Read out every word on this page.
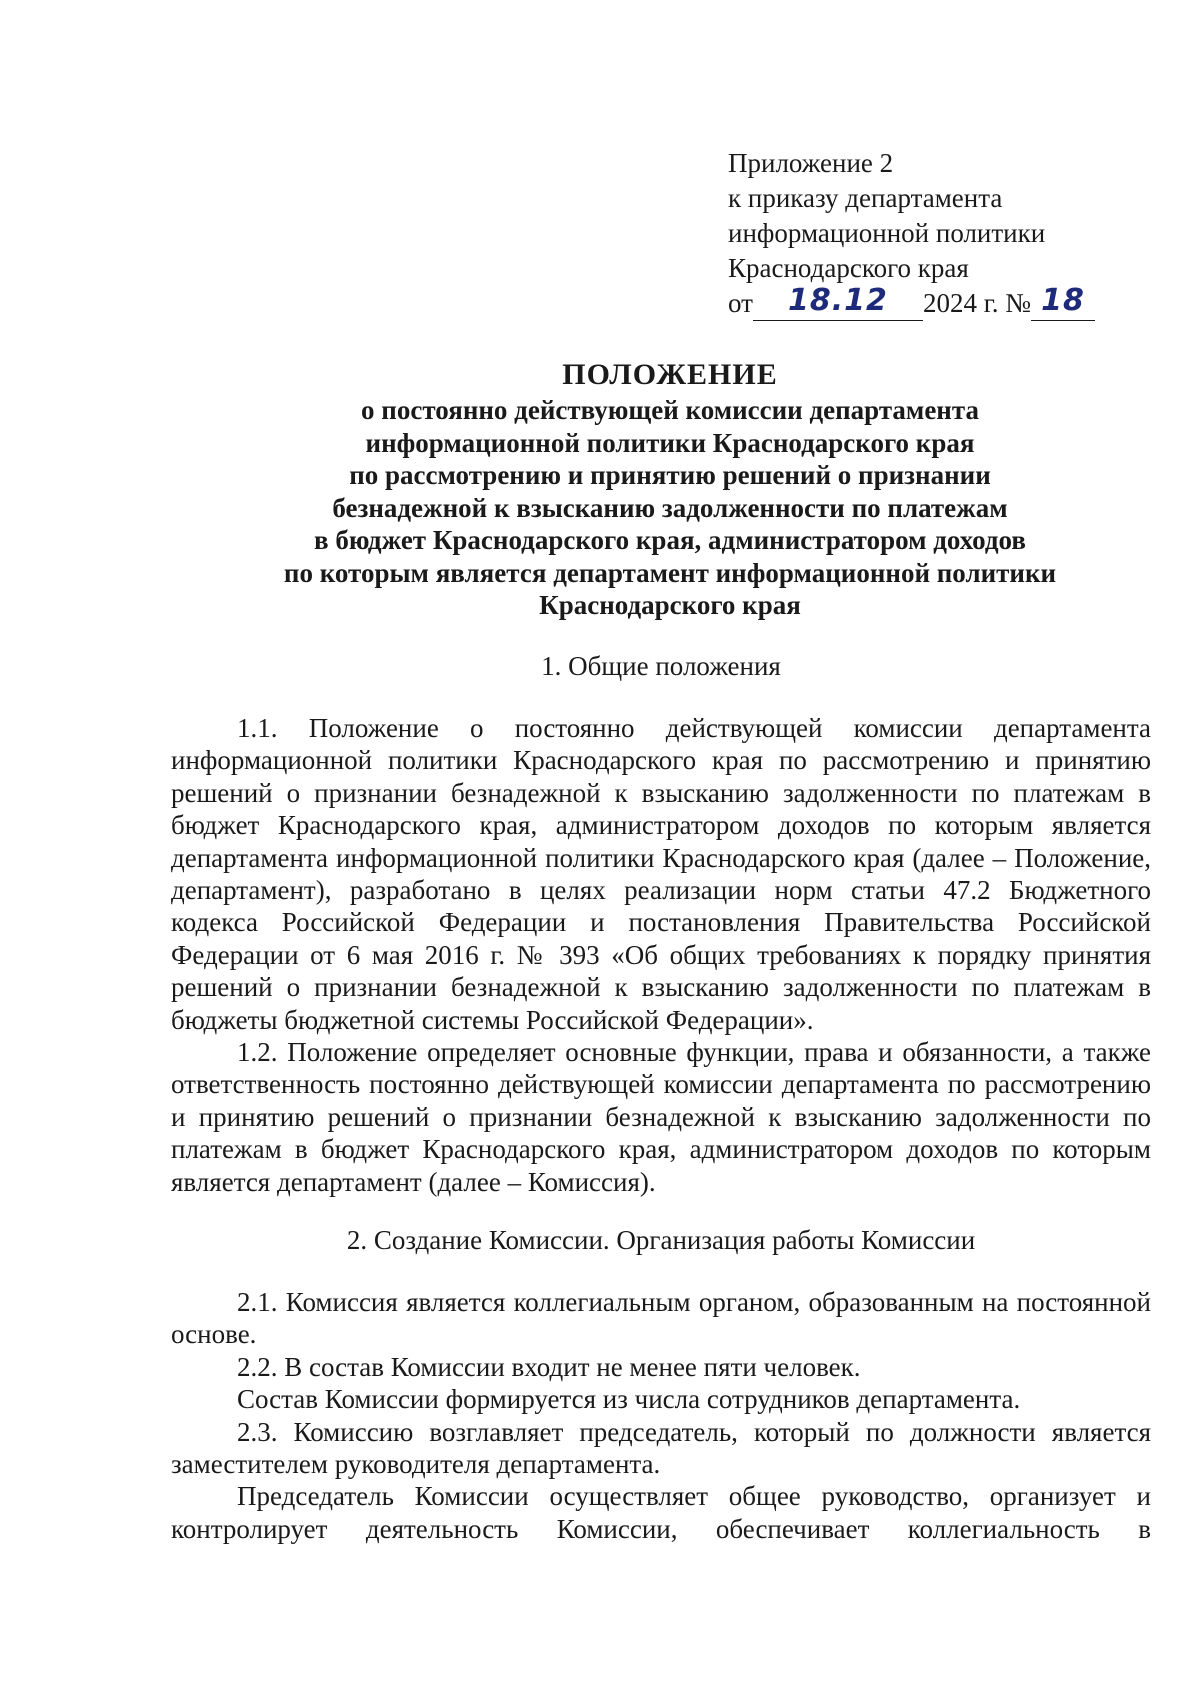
Приложение 2
к приказу департамента
информационной политики
Краснодарского края
от 18.12 2024 г. № 18
ПОЛОЖЕНИЕ
о постоянно действующей комиссии департамента
информационной политики Краснодарского края
по рассмотрению и принятию решений о признании
безнадежной к взысканию задолженности по платежам
в бюджет Краснодарского края, администратором доходов
по которым является департамент информационной политики
Краснодарского края
1. Общие положения

1.1. Положение о постоянно действующей комиссии департамента информационной политики Краснодарского края по рассмотрению и принятию решений о признании безнадежной к взысканию задолженности по платежам в бюджет Краснодарского края, администратором доходов по которым является департамента информационной политики Краснодарского края (далее – Положение, департамент), разработано в целях реализации норм статьи 47.2 Бюджетного кодекса Российской Федерации и постановления Правительства Российской Федерации от 6 мая 2016 г. № 393 «Об общих требованиях к порядку принятия решений о признании безнадежной к взысканию задолженности по платежам в бюджеты бюджетной системы Российской Федерации».

1.2. Положение определяет основные функции, права и обязанности, а также ответственность постоянно действующей комиссии департамента по рассмотрению и принятию решений о признании безнадежной к взысканию задолженности по платежам в бюджет Краснодарского края, администратором доходов по которым является департамент (далее – Комиссия).

2. Создание Комиссии. Организация работы Комиссии

2.1. Комиссия является коллегиальным органом, образованным на постоянной основе.

2.2. В состав Комиссии входит не менее пяти человек.

Состав Комиссии формируется из числа сотрудников департамента.

2.3. Комиссию возглавляет председатель, который по должности является заместителем руководителя департамента.

Председатель Комиссии осуществляет общее руководство, организует и контролирует деятельность Комиссии, обеспечивает коллегиальность в
